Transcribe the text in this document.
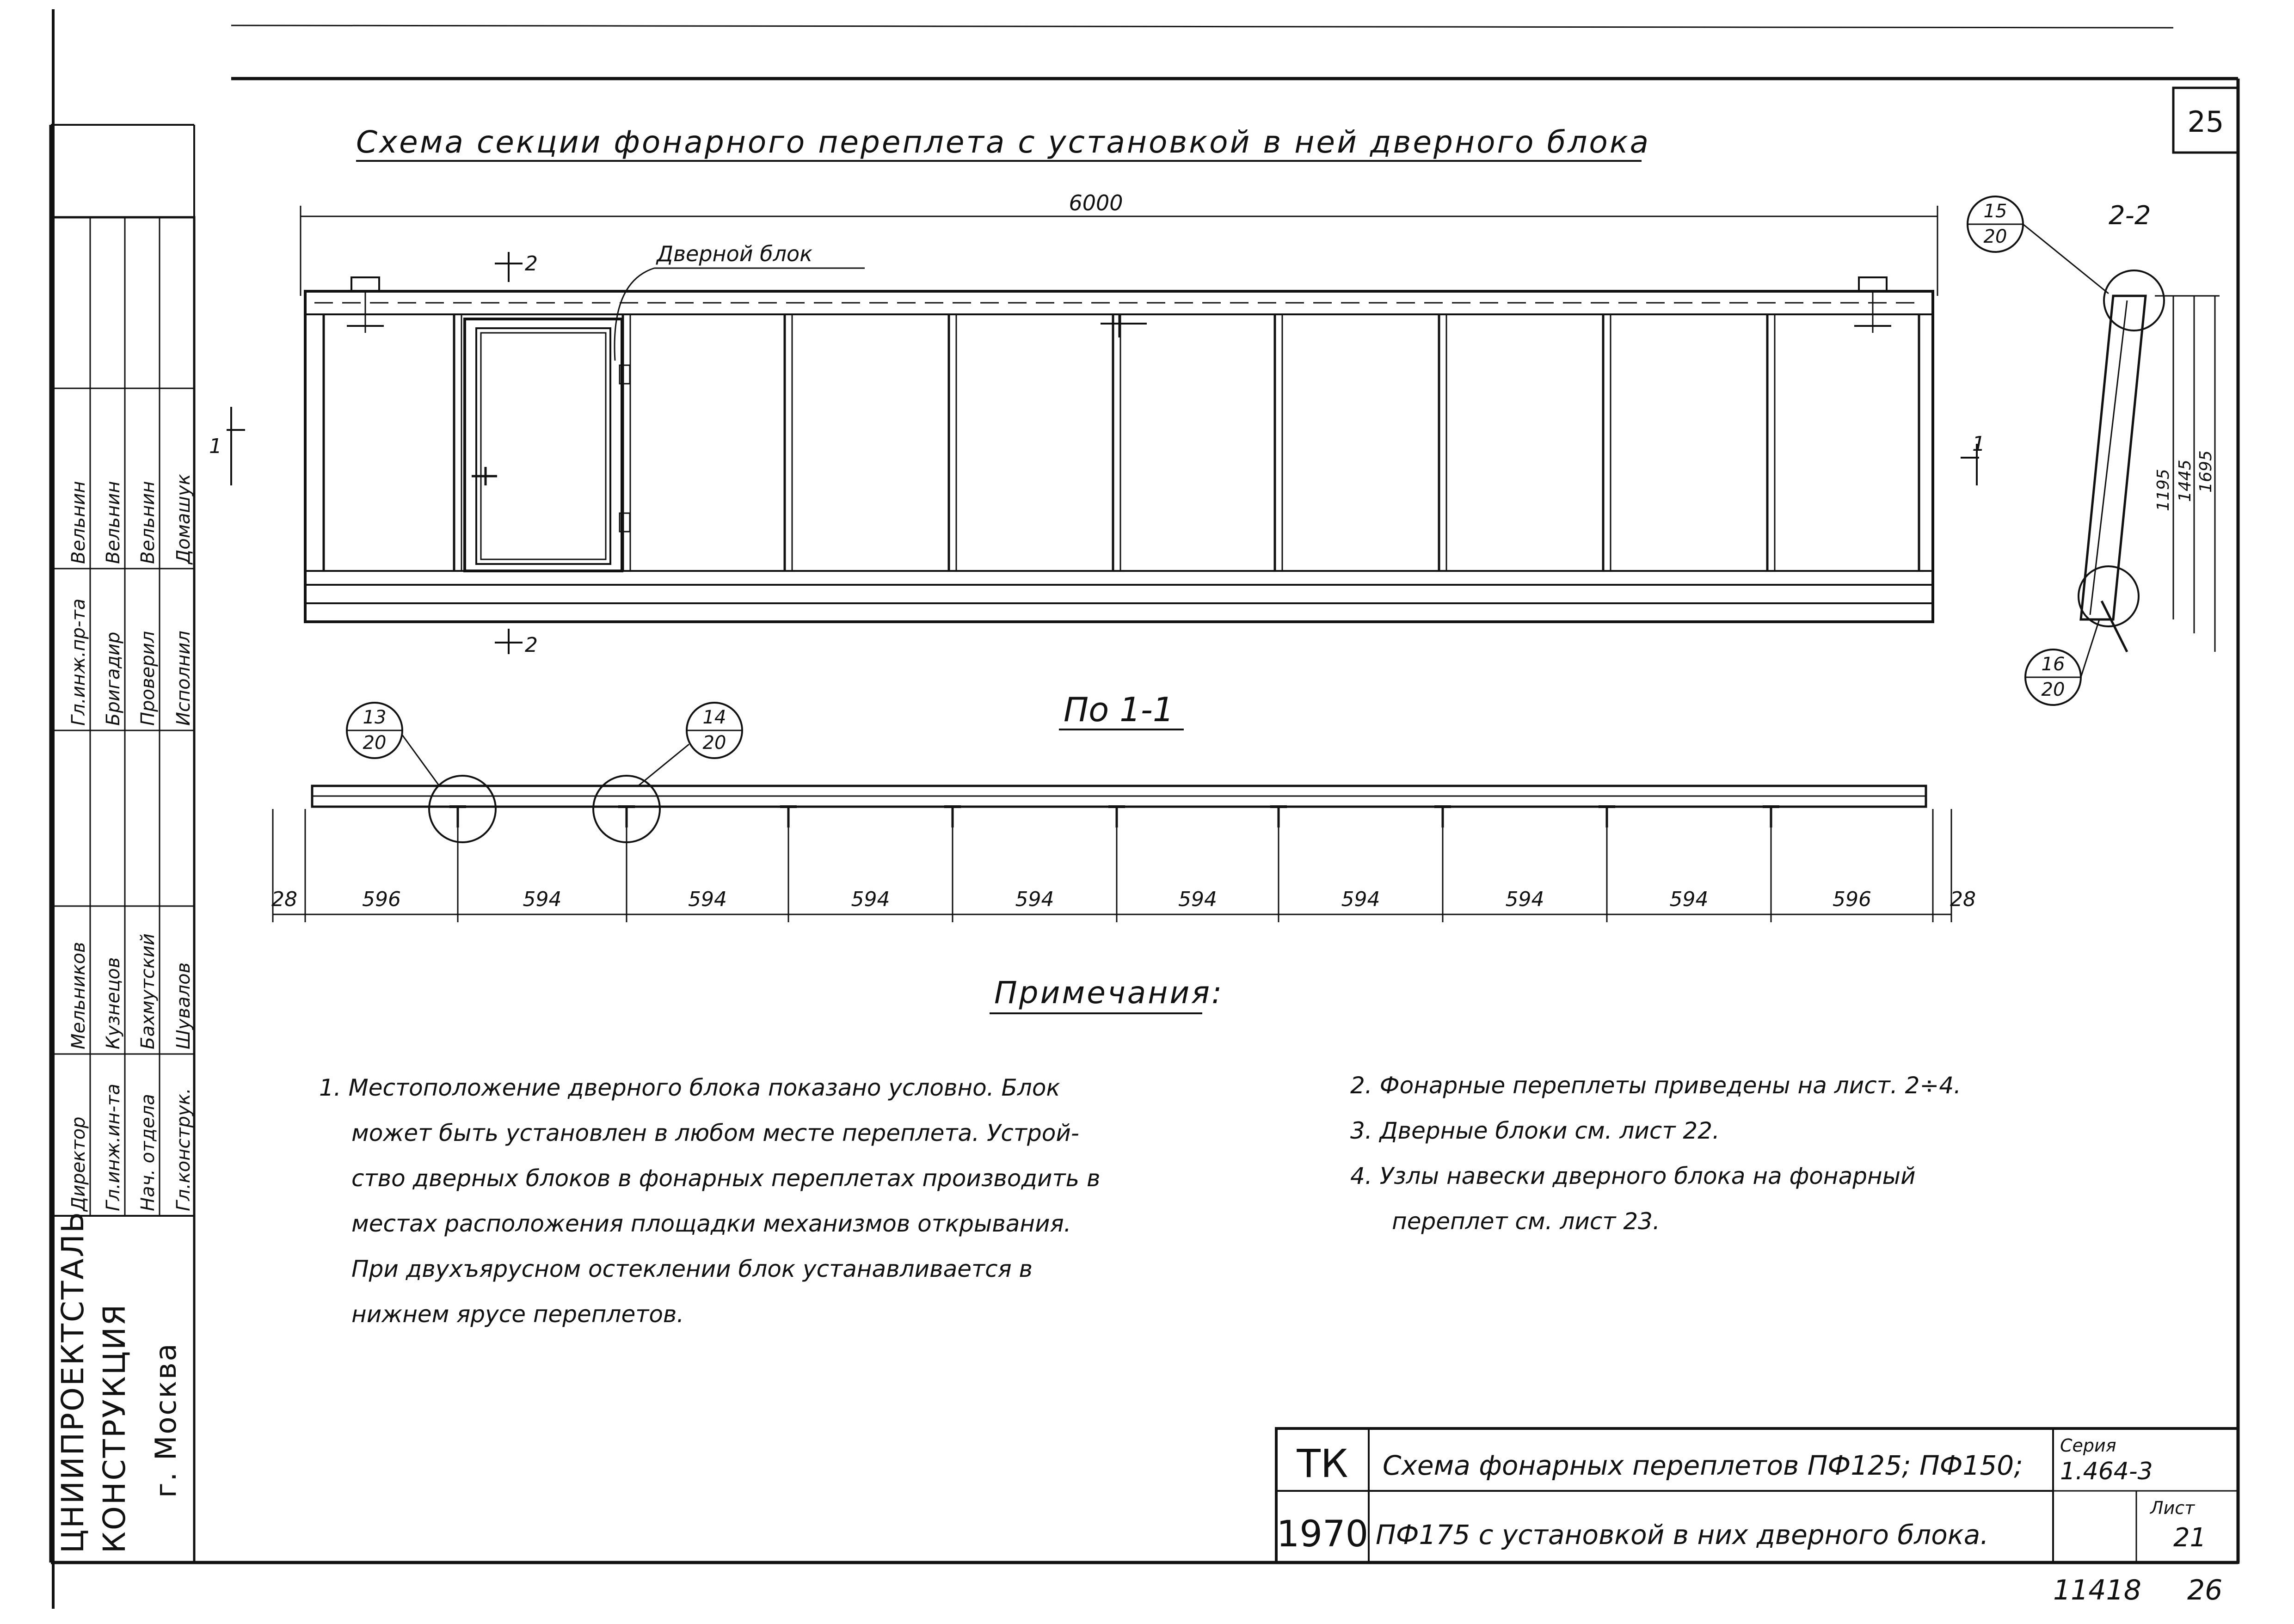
25
Схема секции фонарного переплета с установкой в ней дверного блока
6000
Дверной блок
2
2
1	1
2-2
15
20
16
20
1195 1445 1695
По 1-1
13
20
14
20
28	596	594	594	594	594	594	594	594	594	596	28
Примечания:
1. Местоположение дверного блока показано условно. Блок
может быть установлен в любом месте переплета. Устрой-
ство дверных блоков в фонарных переплетах производить в
местах расположения площадки механизмов открывания.
При двухъярусном остеклении блок устанавливается в
нижнем ярусе переплетов.
2. Фонарные переплеты приведены на лист. 2÷4.
3. Дверные блоки см. лист 22.
4. Узлы навески дверного блока на фонарный
переплет см. лист 23.
Директор Гл.инж.ин-та Нач. отдела Гл.конструк.
Гл.инж.пр-та Бригадир Проверил Исполнил
Мельников Кузнецов Бахмутский Шувалов
Вельнин Вельнин Вельнин Домашук
ЦНИИПРОЕКТСТАЛЬ КОНСТРУКЦИЯ г. Москва	ТК
1970
Схема фонарных переплетов ПФ125; ПФ150;
ПФ175 с установкой в них дверного блока.
Серия
1.464-3
Лист
21
11418 26
